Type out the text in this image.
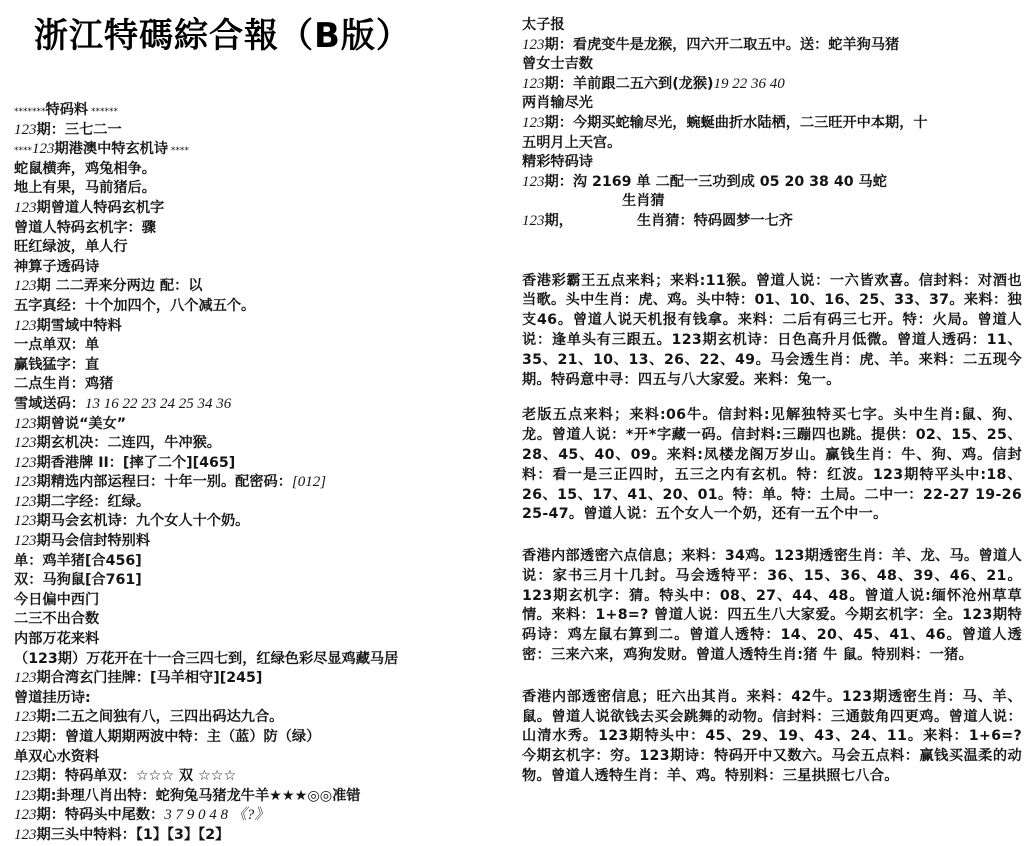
浙江特碼綜合報（B版）
*******特码料 ******
123期：三七二一
****123期港澳中特玄机诗 ****
蛇鼠横奔，鸡兔相争。
地上有果，马前猪后。
123期曾道人特码玄机字
曾道人特码玄机字：骤
旺红绿波，单人行
神算子透码诗
123期 二二弄来分两边 配：以
五字真经：十个加四个，八个减五个。
123期雪域中特料
一点单双：单
赢钱猛字：直
二点生肖：鸡猪
雪域送码：13 16 22 23 24 25 34 36
123期曾说“美女”
123期玄机决：二连四，牛冲猴。
123期香港牌 II：[摔了二个][465]
123期精选内部运程曰：十年一别。配密码：[012]
123期二字经：红绿。
123期马会玄机诗：九个女人十个奶。
123期马会信封特别料
单：鸡羊猪[合456]
双：马狗鼠[合761]
今日偏中西门
二三不出合数
内部万花来料
（123期）万花开在十一合三四七到，红绿色彩尽显鸡藏马居
123期合湾玄门挂牌：[马羊相守][245]
曾道挂历诗:
123期:二五之间独有八，三四出码达九合。
123期：曾道人期期两波中特：主（蓝）防（绿）
单双心水资料
123期：特码单双：☆☆☆ 双 ☆☆☆
123期:卦理八肖出特：蛇狗兔马猪龙牛羊★★★◎◎准错
123期：特码头中尾数：3 7 9 0 4 8 《?》
123期三头中特料：【1】【3】【2】
太子报
123期：看虎变牛是龙猴，四六开二取五中。送：蛇羊狗马猪
曾女士吉数
123期：羊前跟二五六到(龙猴)19 22 36 40
两肖输尽光
123期：今期买蛇输尽光，蜿蜒曲折水陆栖，二三旺开中本期，十
五明月上天宫。
精彩特码诗
123期：沟 2169 单 二配一三功到成 05 20 38 40 马蛇
生肖猜
123期，	生肖猜：特码圆梦一七齐
香港彩霸王五点来料；来料:11猴。曾道人说：一六皆欢喜。信封料：对酒也当歌。头中生肖：虎、鸡。头中特：01、10、16、25、33、37。来料：独支46。曾道人说天机报有钱拿。来料：二后有码三七开。特：火局。曾道人说：逢单头有三跟五。123期玄机诗：日色高升月低微。曾道人透码：11、35、21、10、13、26、22、49。马会透生肖：虎、羊。来料：二五现今期。特码意中寻：四五与八大家爱。来料：兔一。
老版五点来料；来料:06牛。信封料:见解独特买七字。头中生肖:鼠、狗、龙。曾道人说：*开*字藏一码。信封料:三蹦四也跳。提供：02、15、25、28、45、40、09。来料:凤楼龙阁万岁山。赢钱生肖：牛、狗、鸡。信封料：看一是三正四时，五三之内有玄机。特：红波。123期特平头中:18、26、15、17、41、20、01。特：单。特：土局。二中一：22-27 19-26 25-47。曾道人说：五个女人一个奶，还有一五个中一。
香港内部透密六点信息；来料：34鸡。123期透密生肖：羊、龙、马。曾道人说：家书三月十几封。马会透特平：36、15、36、48、39、46、21。123期玄机字：猜。特头中：08、27、44、48。曾道人说:缅怀沧州草草情。来料：1+8=? 曾道人说：四五生八大家爱。今期玄机字：全。123期特码诗：鸡左鼠右算到二。曾道人透特：14、20、45、41、46。曾道人透密：三来六来，鸡狗发财。曾道人透特生肖:猪 牛 鼠。特别料：一猪。
香港内部透密信息；旺六出其肖。来料：42牛。123期透密生肖：马、羊、鼠。曾道人说欲钱去买会跳舞的动物。信封料：三通鼓角四更鸡。曾道人说：山清水秀。123期特头中：45、29、19、43、24、11。来料：1+6=? 今期玄机字：穷。123期诗：特码开中又数六。马会五点料：赢钱买温柔的动物。曾道人透特生肖：羊、鸡。特别料：三星拱照七八合。
